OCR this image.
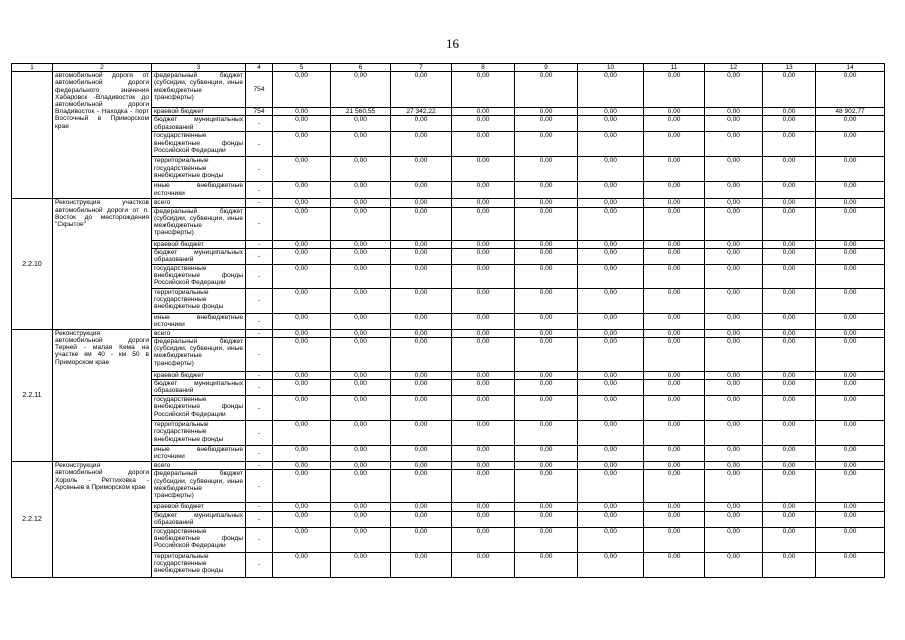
16
1	2	3	4	5	6	7	8	9	10	11	12	13	14
	автомобильной дороги от автомобильной дороги федерального значения Хабаровск -Владивосток до автомобильной дороги Владивосток - Находка - порт Восточный в Приморском крае	федеральный бюджет (субсидии, субвенции, иные межбюджетные трансферты)	754	0,00	0,00	0,00	0,00	0,00	0,00	0,00	0,00	0,00	0,00
		краевой бюджет	754	0,00	21 560,55	27 342,22	0,00	0,00	0,00	0,00	0,00	0,00	48 902,77
		бюджет муниципальных образований	-	0,00	0,00	0,00	0,00	0,00	0,00	0,00	0,00	0,00	0,00
		государственные внебюджетные фонды Российской Федерации	-	0,00	0,00	0,00	0,00	0,00	0,00	0,00	0,00	0,00	0,00
		территориальные государственные внебюджетные фонды	-	0,00	0,00	0,00	0,00	0,00	0,00	0,00	0,00	0,00	0,00
		иные внебюджетные источники	-	0,00	0,00	0,00	0,00	0,00	0,00	0,00	0,00	0,00	0,00
2.2.10	Реконструкция участков автомобильной дороги от п. Восток до месторождения "Скрытое"	всего	-	0,00	0,00	0,00	0,00	0,00	0,00	0,00	0,00	0,00	0,00
		федеральный бюджет (субсидии, субвенции, иные межбюджетные трансферты)	-	0,00	0,00	0,00	0,00	0,00	0,00	0,00	0,00	0,00	0,00
		краевой бюджет	-	0,00	0,00	0,00	0,00	0,00	0,00	0,00	0,00	0,00	0,00
		бюджет муниципальных образований	-	0,00	0,00	0,00	0,00	0,00	0,00	0,00	0,00	0,00	0,00
		государственные внебюджетные фонды Российской Федерации	-	0,00	0,00	0,00	0,00	0,00	0,00	0,00	0,00	0,00	0,00
		территориальные государственные внебюджетные фонды	-	0,00	0,00	0,00	0,00	0,00	0,00	0,00	0,00	0,00	0,00
		иные внебюджетные источники	-	0,00	0,00	0,00	0,00	0,00	0,00	0,00	0,00	0,00	0,00
2.2.11	Реконструкция автомобильной дороги Терней - малая Кема на участке км 40 - км 50 в Приморском крае	всего	-	0,00	0,00	0,00	0,00	0,00	0,00	0,00	0,00	0,00	0,00
		федеральный бюджет (субсидии, субвенции, иные межбюджетные трансферты)	-	0,00	0,00	0,00	0,00	0,00	0,00	0,00	0,00	0,00	0,00
		краевой бюджет	-	0,00	0,00	0,00	0,00	0,00	0,00	0,00	0,00	0,00	0,00
		бюджет муниципальных образований	-	0,00	0,00	0,00	0,00	0,00	0,00	0,00	0,00	0,00	0,00
		государственные внебюджетные фонды Российской Федерации	-	0,00	0,00	0,00	0,00	0,00	0,00	0,00	0,00	0,00	0,00
		территориальные государственные внебюджетные фонды	-	0,00	0,00	0,00	0,00	0,00	0,00	0,00	0,00	0,00	0,00
		иные внебюджетные источники	-	0,00	0,00	0,00	0,00	0,00	0,00	0,00	0,00	0,00	0,00
2.2.12	Реконструкция автомобильной дороги Хороль - Реттиховка - Арсеньев в Приморском крае	всего	-	0,00	0,00	0,00	0,00	0,00	0,00	0,00	0,00	0,00	0,00
		федеральный бюджет (субсидии, субвенции, иные межбюджетные трансферты)	-	0,00	0,00	0,00	0,00	0,00	0,00	0,00	0,00	0,00	0,00
		краевой бюджет	-	0,00	0,00	0,00	0,00	0,00	0,00	0,00	0,00	0,00	0,00
		бюджет муниципальных образований	-	0,00	0,00	0,00	0,00	0,00	0,00	0,00	0,00	0,00	0,00
		государственные внебюджетные фонды Российской Федерации	-	0,00	0,00	0,00	0,00	0,00	0,00	0,00	0,00	0,00	0,00
		территориальные государственные внебюджетные фонды	-	0,00	0,00	0,00	0,00	0,00	0,00	0,00	0,00	0,00	0,00
